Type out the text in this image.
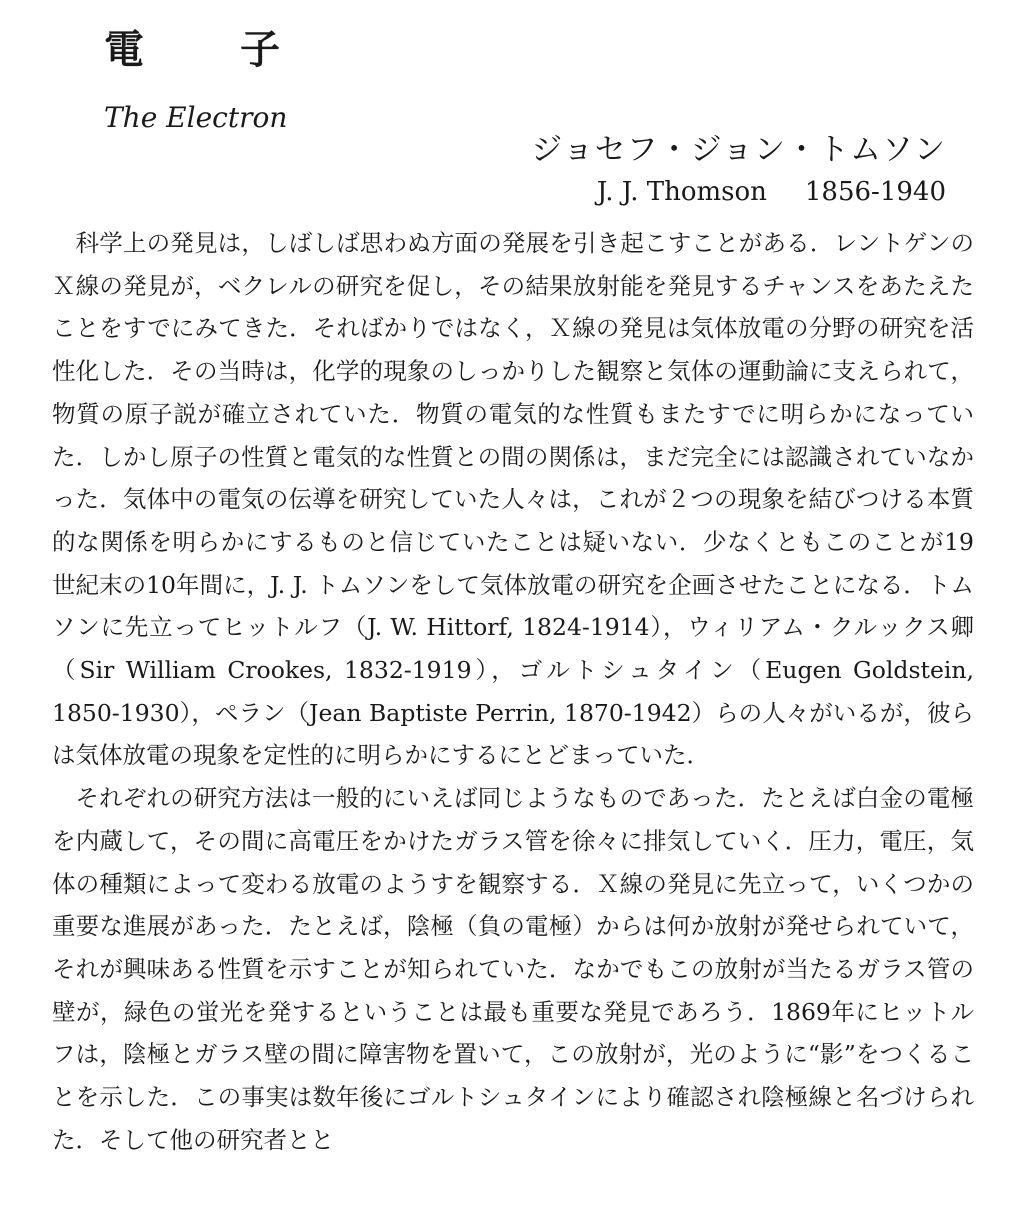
電子
The Electron
ジョセフ・ジョン・トムソン
J. J. Thomson 1856-1940

科学上の発見は，しばしば思わぬ方面の発展を引き起こすことがある．レントゲンのＸ線の発見が，ベクレルの研究を促し，その結果放射能を発見するチャンスをあたえたことをすでにみてきた．そればかりではなく，Ｘ線の発見は気体放電の分野の研究を活性化した．その当時は，化学的現象のしっかりした観察と気体の運動論に支えられて，物質の原子説が確立されていた．物質の電気的な性質もまたすでに明らかになっていた．しかし原子の性質と電気的な性質との間の関係は，まだ完全には認識されていなかった．気体中の電気の伝導を研究していた人々は，これが２つの現象を結びつける本質的な関係を明らかにするものと信じていたことは疑いない．少なくともこのことが19世紀末の10年間に，J. J. トムソンをして気体放電の研究を企画させたことになる．トムソンに先立ってヒットルフ（J. W. Hittorf, 1824-1914），ウィリアム・クルックス卿（Sir William Crookes, 1832-1919），ゴルトシュタイン（Eugen Goldstein, 1850-1930），ペラン（Jean Baptiste Perrin, 1870-1942）らの人々がいるが，彼らは気体放電の現象を定性的に明らかにするにとどまっていた．

それぞれの研究方法は一般的にいえば同じようなものであった．たとえば白金の電極を内蔵して，その間に高電圧をかけたガラス管を徐々に排気していく．圧力，電圧，気体の種類によって変わる放電のようすを観察する．Ｘ線の発見に先立って，いくつかの重要な進展があった．たとえば，陰極（負の電極）からは何か放射が発せられていて，それが興味ある性質を示すことが知られていた．なかでもこの放射が当たるガラス管の壁が，緑色の蛍光を発するということは最も重要な発見であろう．1869年にヒットルフは，陰極とガラス壁の間に障害物を置いて，この放射が，光のように“影”をつくることを示した．この事実は数年後にゴルトシュタインにより確認され陰極線と名づけられた．そして他の研究者とと
